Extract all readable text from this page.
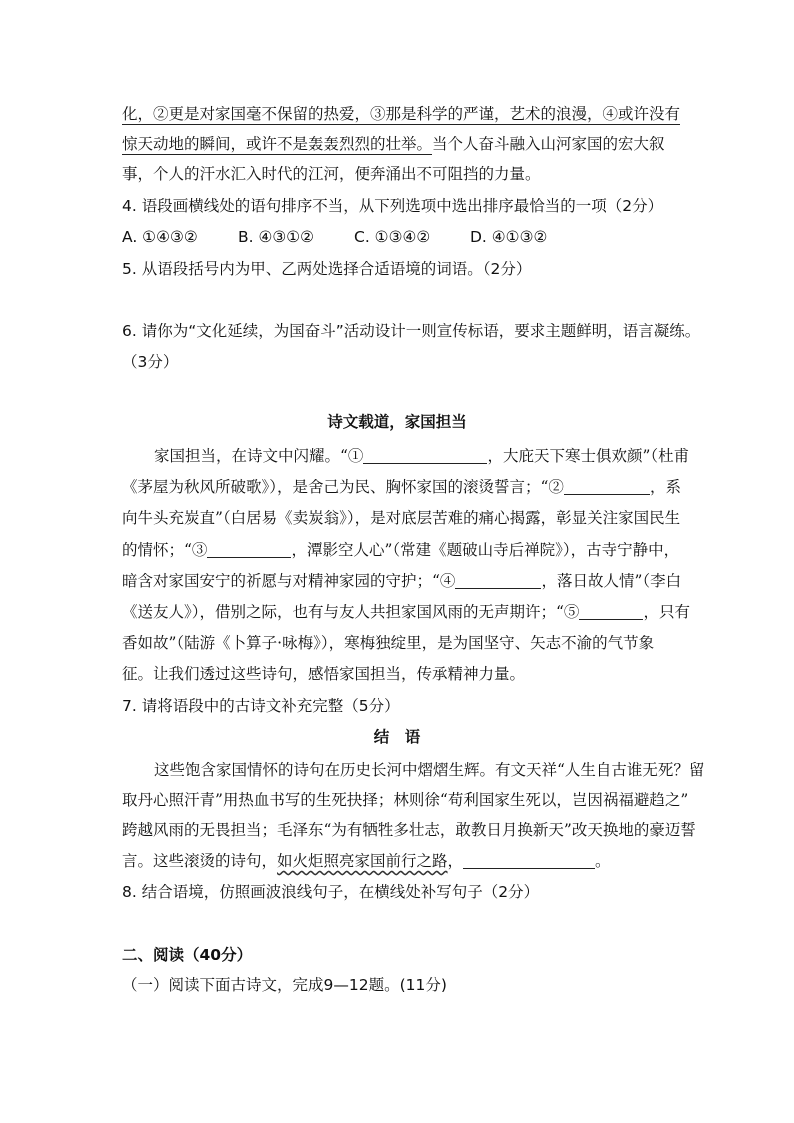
化，②更是对家国毫不保留的热爱，③那是科学的严谨，艺术的浪漫，④或许没有
惊天动地的瞬间，或许不是轰轰烈烈的壮举。当个人奋斗融入山河家国的宏大叙
事，个人的汗水汇入时代的江河，便奔涌出不可阻挡的力量。
4. 语段画横线处的语句排序不当，从下列选项中选出排序最恰当的一项（2分）
A. ①④③②	B. ④③①②	C. ①③④②	D. ④①③②
5. 从语段括号内为甲、乙两处选择合适语境的词语。（2分）
6. 请你为“文化延续，为国奋斗”活动设计一则宣传标语，要求主题鲜明，语言凝练。
（3分）
诗文载道，家国担当
家国担当，在诗文中闪耀。“①	，大庇天下寒士俱欢颜”（杜甫
《茅屋为秋风所破歌》），是舍己为民、胸怀家国的滚烫誓言；“②	，系
向牛头充炭直”（白居易《卖炭翁》），是对底层苦难的痛心揭露，彰显关注家国民生
的情怀；“③	，潭影空人心”（常建《题破山寺后禅院》），古寺宁静中，
暗含对家国安宁的祈愿与对精神家园的守护；“④	，落日故人情”（李白
《送友人》），借别之际，也有与友人共担家国风雨的无声期许；“⑤	，只有
香如故”（陆游《卜算子·咏梅》），寒梅独绽里，是为国坚守、矢志不渝的气节象
征。让我们透过这些诗句，感悟家国担当，传承精神力量。
7. 请将语段中的古诗文补充完整（5分）
结　语
这些饱含家国情怀的诗句在历史长河中熠熠生辉。有文天祥“人生自古谁无死？留
取丹心照汗青”用热血书写的生死抉择；林则徐“苟利国家生死以，岂因祸福避趋之”
跨越风雨的无畏担当；毛泽东“为有牺牲多壮志，敢教日月换新天”改天换地的豪迈誓
言。这些滚烫的诗句，如火炬照亮家国前行之路，	。
8. 结合语境，仿照画波浪线句子，在横线处补写句子（2分）
二、阅读（40分）
（一）阅读下面古诗文，完成9—12题。(11分)
